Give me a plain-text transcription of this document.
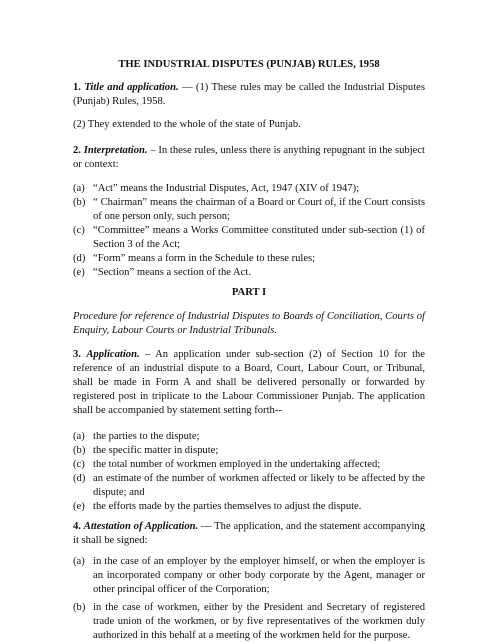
THE INDUSTRIAL DISPUTES (PUNJAB) RULES, 1958
1. Title and application. — (1) These rules may be called the Industrial Disputes (Punjab) Rules, 1958.
(2) They extended to the whole of the state of Punjab.
2. Interpretation. – In these rules, unless there is anything repugnant in the subject or context:
(a) “Act” means the Industrial Disputes, Act, 1947 (XIV of 1947);
(b) “ Chairman” means the chairman of a Board or Court of, if the Court consists of one person only, such person;
(c) “Committee” means a Works Committee constituted under sub-section (1) of Section 3 of the Act;
(d) “Form” means a form in the Schedule to these rules;
(e) “Section” means a section of the Act.
PART I
Procedure for reference of Industrial Disputes to Boards of Conciliation, Courts of Enquiry, Labour Courts or Industrial Tribunals.
3. Application. – An application under sub-section (2) of Section 10 for the reference of an industrial dispute to a Board, Court, Labour Court, or Tribunal, shall be made in Form A and shall be delivered personally or forwarded by registered post in triplicate to the Labour Commissioner Punjab. The application shall be accompanied by statement setting forth--
(a) the parties to the dispute;
(b) the specific matter in dispute;
(c) the total number of workmen employed in the undertaking affected;
(d) an estimate of the number of workmen affected or likely to be affected by the dispute; and
(e) the efforts made by the parties themselves to adjust the dispute.
4. Attestation of Application. — The application, and the statement accompanying it shall be signed:
(a) in the case of an employer by the employer himself, or when the employer is an incorporated company or other body corporate by the Agent, manager or other principal officer of the Corporation;
(b) in the case of workmen, either by the President and Secretary of registered trade union of the workmen, or by five representatives of the workmen duly authorized in this behalf at a meeting of the workmen held for the purpose.
